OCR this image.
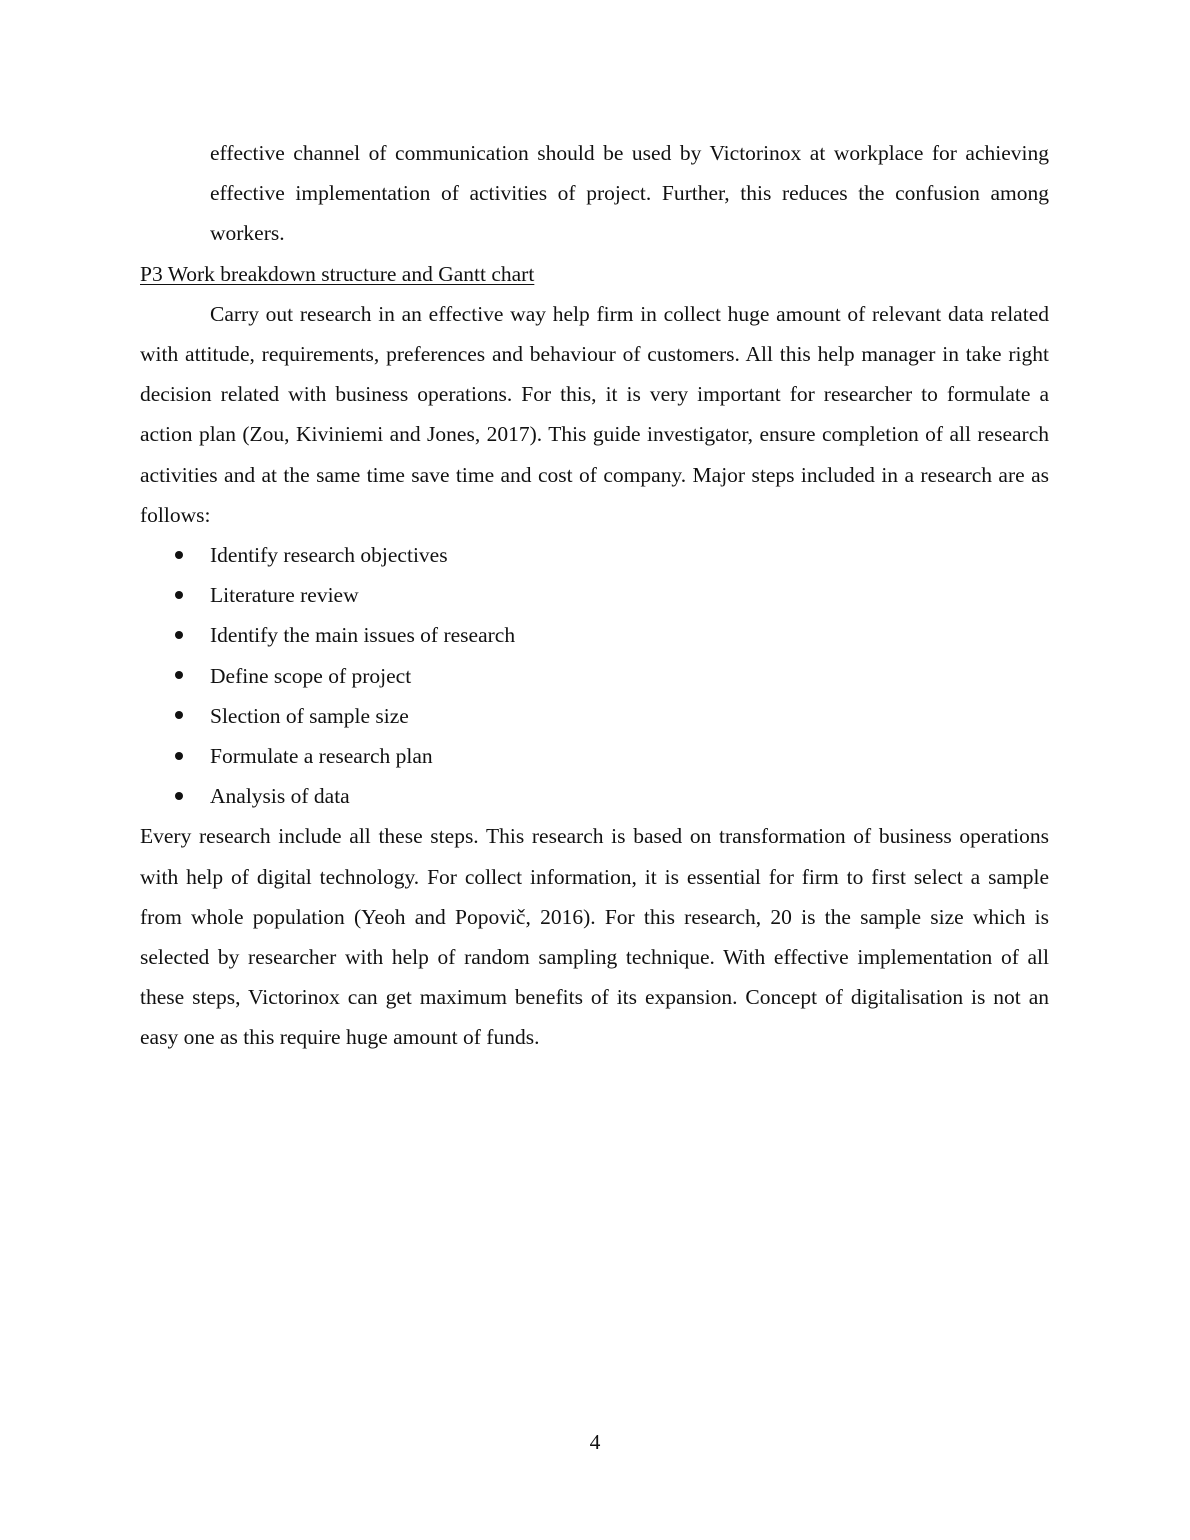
effective channel of communication should be used by Victorinox at workplace for achieving effective implementation of activities of project. Further, this reduces the confusion among workers.

P3 Work breakdown structure and Gantt chart

Carry out research in an effective way help firm in collect huge amount of relevant data related with attitude, requirements, preferences and behaviour of customers. All this help manager in take right decision related with business operations. For this, it is very important for researcher to formulate a action plan (Zou, Kiviniemi and Jones, 2017). This guide investigator, ensure completion of all research activities and at the same time save time and cost of company. Major steps included in a research are as follows:

Identify research objectives
Literature review
Identify the main issues of research
Define scope of project
Slection of sample size
Formulate a research plan
Analysis of data

Every research include all these steps. This research is based on transformation of business operations with help of digital technology. For collect information, it is essential for firm to first select a sample from whole population (Yeoh and Popovič, 2016). For this research, 20 is the sample size which is selected by researcher with help of random sampling technique. With effective implementation of all these steps, Victorinox can get maximum benefits of its expansion. Concept of digitalisation is not an easy one as this require huge amount of funds.

4
